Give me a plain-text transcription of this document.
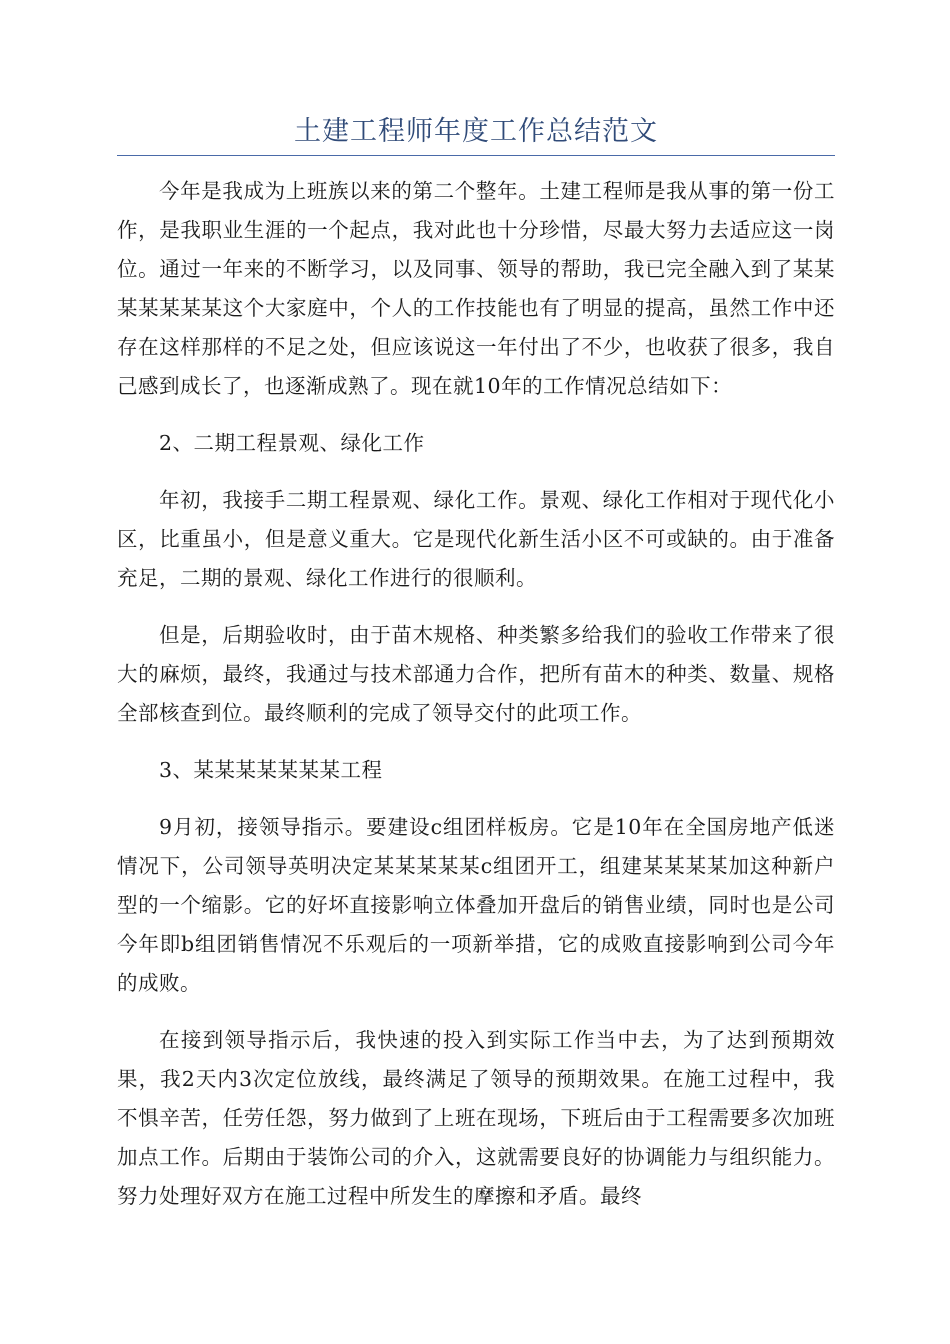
土建工程师年度工作总结范文

今年是我成为上班族以来的第二个整年。土建工程师是我从事的第一份工作，是我职业生涯的一个起点，我对此也十分珍惜，尽最大努力去适应这一岗位。通过一年来的不断学习，以及同事、领导的帮助，我已完全融入到了某某某某某某某这个大家庭中，个人的工作技能也有了明显的提高，虽然工作中还存在这样那样的不足之处，但应该说这一年付出了不少，也收获了很多，我自己感到成长了，也逐渐成熟了。现在就10年的工作情况总结如下：

2、二期工程景观、绿化工作

年初，我接手二期工程景观、绿化工作。景观、绿化工作相对于现代化小区，比重虽小，但是意义重大。它是现代化新生活小区不可或缺的。由于准备充足，二期的景观、绿化工作进行的很顺利。

但是，后期验收时，由于苗木规格、种类繁多给我们的验收工作带来了很大的麻烦，最终，我通过与技术部通力合作，把所有苗木的种类、数量、规格全部核查到位。最终顺利的完成了领导交付的此项工作。

3、某某某某某某某工程

9月初，接领导指示。要建设c组团样板房。它是10年在全国房地产低迷情况下，公司领导英明决定某某某某某c组团开工，组建某某某某加这种新户型的一个缩影。它的好坏直接影响立体叠加开盘后的销售业绩，同时也是公司今年即b组团销售情况不乐观后的一项新举措，它的成败直接影响到公司今年的成败。

在接到领导指示后，我快速的投入到实际工作当中去，为了达到预期效果，我2天内3次定位放线，最终满足了领导的预期效果。在施工过程中，我不惧辛苦，任劳任怨，努力做到了上班在现场，下班后由于工程需要多次加班加点工作。后期由于装饰公司的介入，这就需要良好的协调能力与组织能力。努力处理好双方在施工过程中所发生的摩擦和矛盾。最终
